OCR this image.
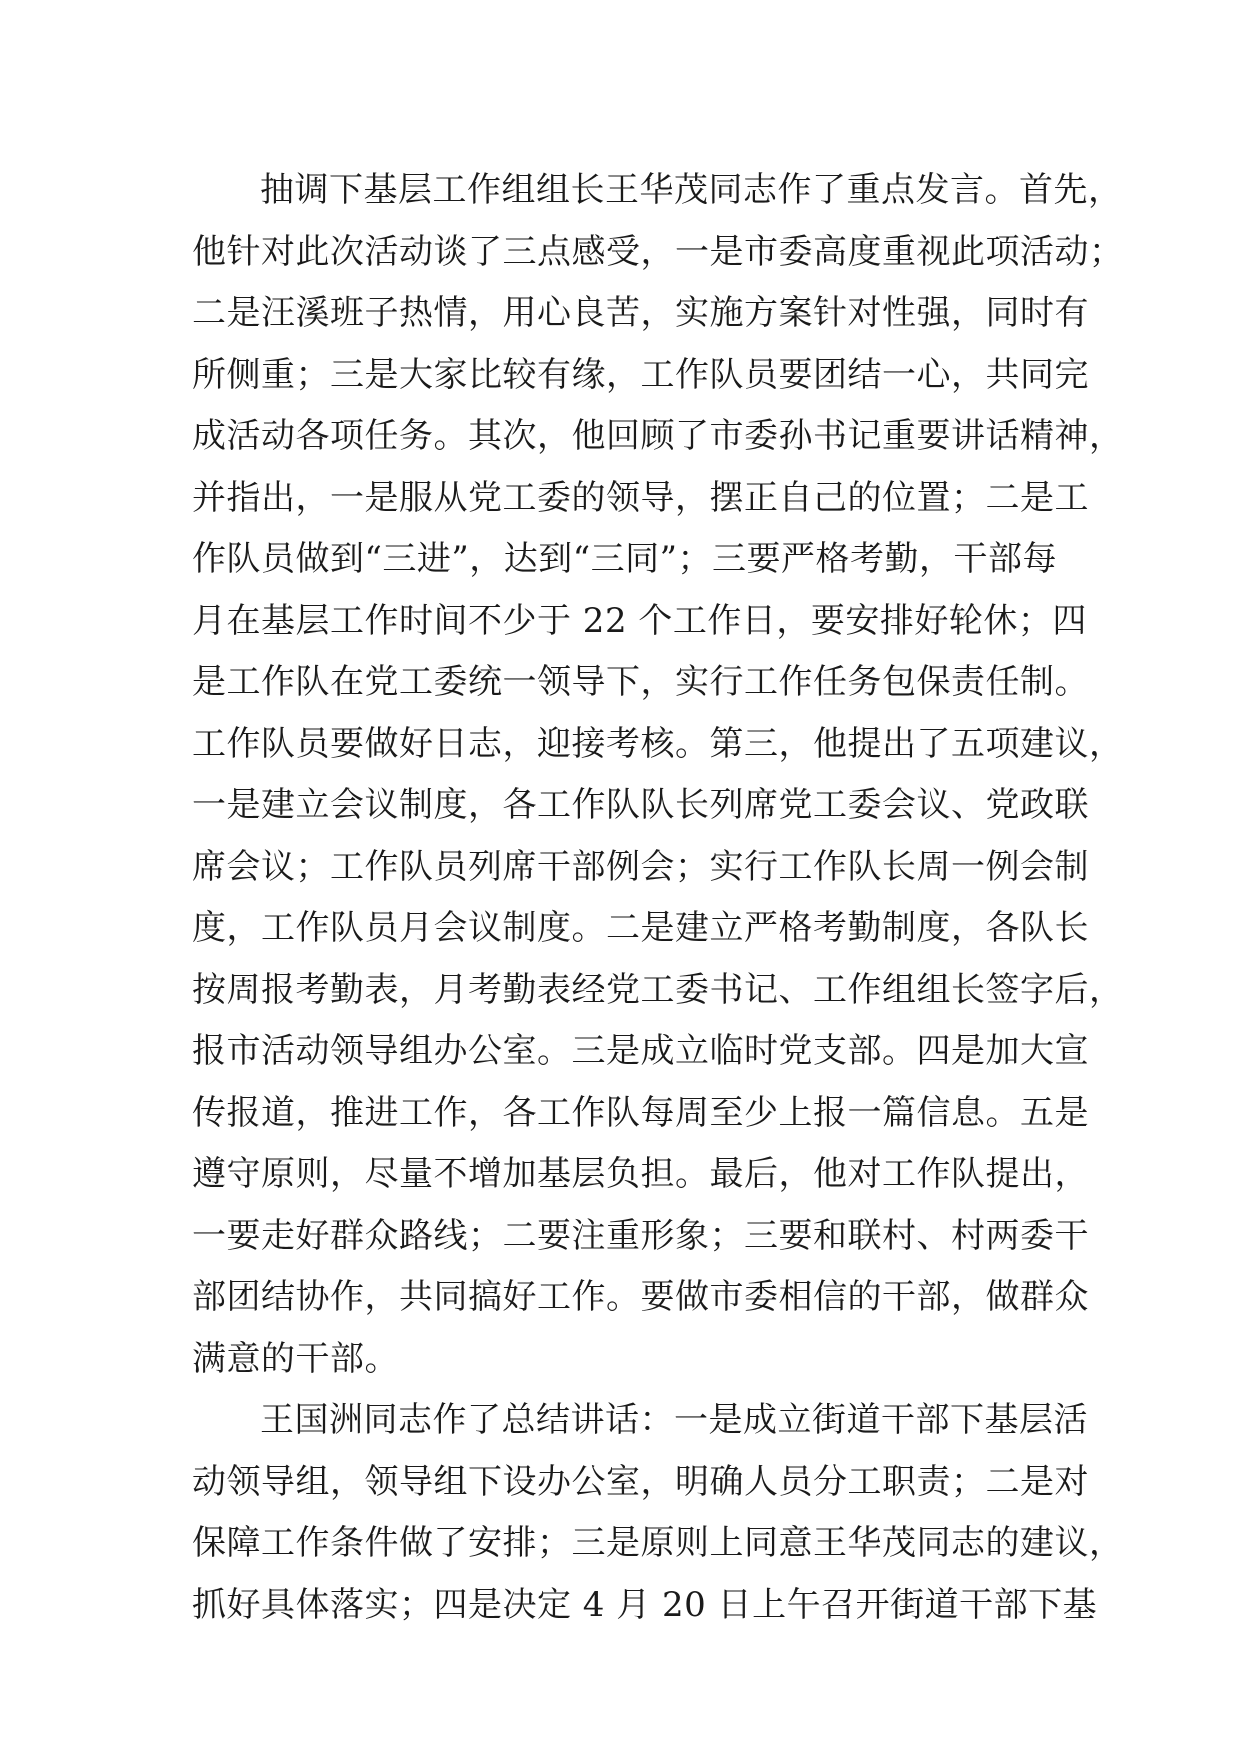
抽调下基层工作组组长王华茂同志作了重点发言。首先，
他针对此次活动谈了三点感受，一是市委高度重视此项活动；
二是汪溪班子热情，用心良苦，实施方案针对性强，同时有
所侧重；三是大家比较有缘，工作队员要团结一心，共同完
成活动各项任务。其次，他回顾了市委孙书记重要讲话精神，
并指出，一是服从党工委的领导，摆正自己的位置；二是工
作队员做到“三进”，达到“三同”；三要严格考勤，干部每
月在基层工作时间不少于 22 个工作日，要安排好轮休；四
是工作队在党工委统一领导下，实行工作任务包保责任制。
工作队员要做好日志，迎接考核。第三，他提出了五项建议，
一是建立会议制度，各工作队队长列席党工委会议、党政联
席会议；工作队员列席干部例会；实行工作队长周一例会制
度，工作队员月会议制度。二是建立严格考勤制度，各队长
按周报考勤表，月考勤表经党工委书记、工作组组长签字后，
报市活动领导组办公室。三是成立临时党支部。四是加大宣
传报道，推进工作，各工作队每周至少上报一篇信息。五是
遵守原则，尽量不增加基层负担。最后，他对工作队提出，
一要走好群众路线；二要注重形象；三要和联村、村两委干
部团结协作，共同搞好工作。要做市委相信的干部，做群众
满意的干部。
王国洲同志作了总结讲话：一是成立街道干部下基层活
动领导组，领导组下设办公室，明确人员分工职责；二是对
保障工作条件做了安排；三是原则上同意王华茂同志的建议，
抓好具体落实；四是决定 4 月 20 日上午召开街道干部下基
